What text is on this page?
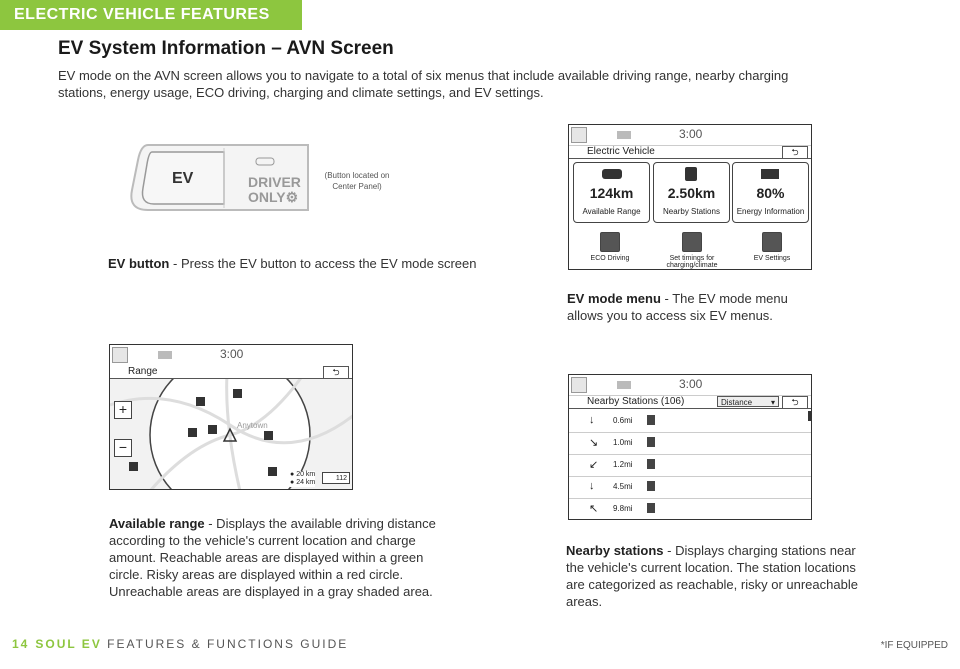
ELECTRIC VEHICLE FEATURES
EV System Information – AVN Screen
EV mode on the AVN screen allows you to navigate to a total of six menus that include available driving range, nearby charging stations, energy usage, ECO driving, charging and climate settings, and EV settings.
EV	DRIVER
ONLY⚙
(Button located on Center Panel)
EV button - Press the EV button to access the EV mode screen
3:00
Electric Vehicle	⮌
124km
Available Range
2.50km
Nearby Stations
80%
Energy Information
ECO Driving	Set timings for charging/climate
EV Settings
EV mode menu - The EV mode menu allows you to access six EV menus.
3:00
Range	⮌
+
−
Anytown
● 20 km
● 24 km
112
Available range - Displays the available driving distance according to the vehicle's current location and charge amount. Reachable areas are displayed within a green circle. Risky areas are displayed within a red circle. Unreachable areas are displayed in a gray shaded area.
3:00
Nearby Stations (106)	Distance ▾	⮌
↓ 0.6mi
↘ 1.0mi
↙ 1.2mi
↓ 4.5mi
↖ 9.8mi
Nearby stations - Displays charging stations near the vehicle's current location. The station locations are categorized as reachable, risky or unreachable areas.
14 SOUL EV FEATURES & FUNCTIONS GUIDE	*IF EQUIPPED
